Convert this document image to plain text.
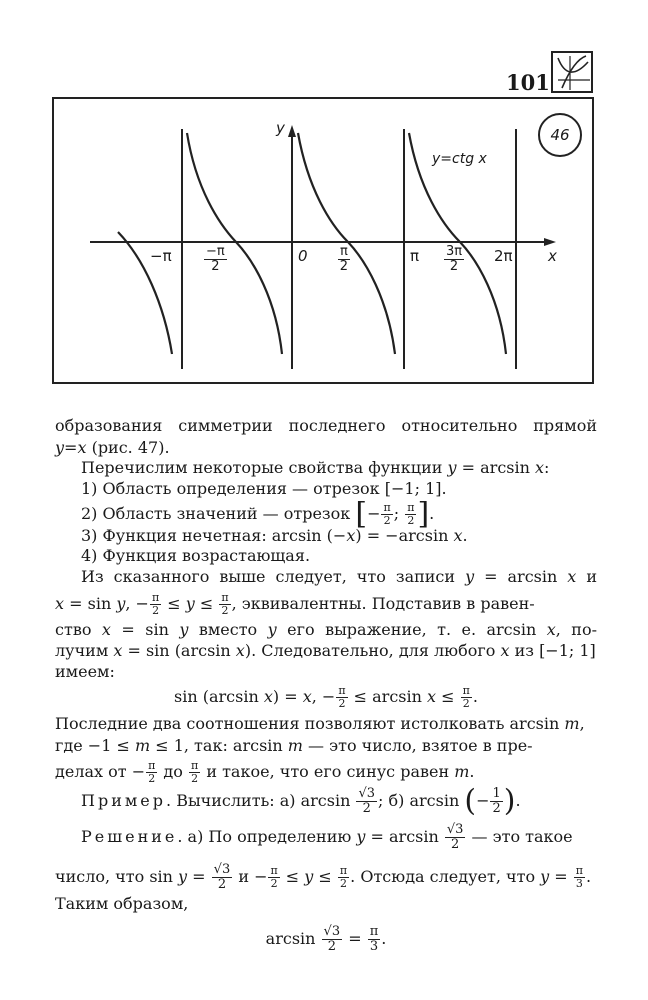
101
46
y=ctg x
y
x
$-\pi \frac{-\pi}{2}$	$0 \frac{\pi}{2}$	π $\frac{3\pi}{2} 2\pi$
образования симметрии последнего относительно прямой
y=x (рис. 47).
Перечислим некоторые свойства функции y = arcsin x:
1) Область определения — отрезок [−1; 1].
2) Область значений — отрезок [− $\frac{\pi}{2}$ ; $\frac{\pi}{2}$ ].
3) Функция нечетная: arcsin (−x) = −arcsin x.
4) Функция возрастающая.
Из сказанного выше следует, что записи y = arcsin x и
x = sin y, − $\frac{\pi}{2} \le y \le \frac{\pi}{2}$ , эквивалентны. Подставив в равен-
ство x = sin y вместо y его выражение, т. е. arcsin x, по-
лучим x = sin (arcsin x). Следовательно, для любого x из [−1; 1]
имеем:
sin (arcsin x) = x, − $\frac{\pi}{2} \le \arcsin x \le \frac{\pi}{2}$ .
Последние два соотношения позволяют истолковать arcsin m,
где −1 ≤ m ≤ 1, так: arcsin m — это число, взятое в пре-
делах от − $\frac{\pi}{2}$ до $\frac{\pi}{2}$ и такое, что его синус равен m.
Пример. Вычислить: а) $\arcsin \frac{√3}{2}$ ; б) arcsin (− $\frac{1}{2}$ ).
Решение. а) По определению $y = \arcsin \frac{√3}{2}$ — это такое
число, что $\sin y = \frac{√3}{2}$ $и - \frac{\pi}{2} \le y \le \frac{\pi}{2}$ . Отсюда следует, что $y = \frac{\pi}{3}$ .
Таким образом,
$\arcsin \frac{√3}{2} = \frac{\pi}{3}$ .
